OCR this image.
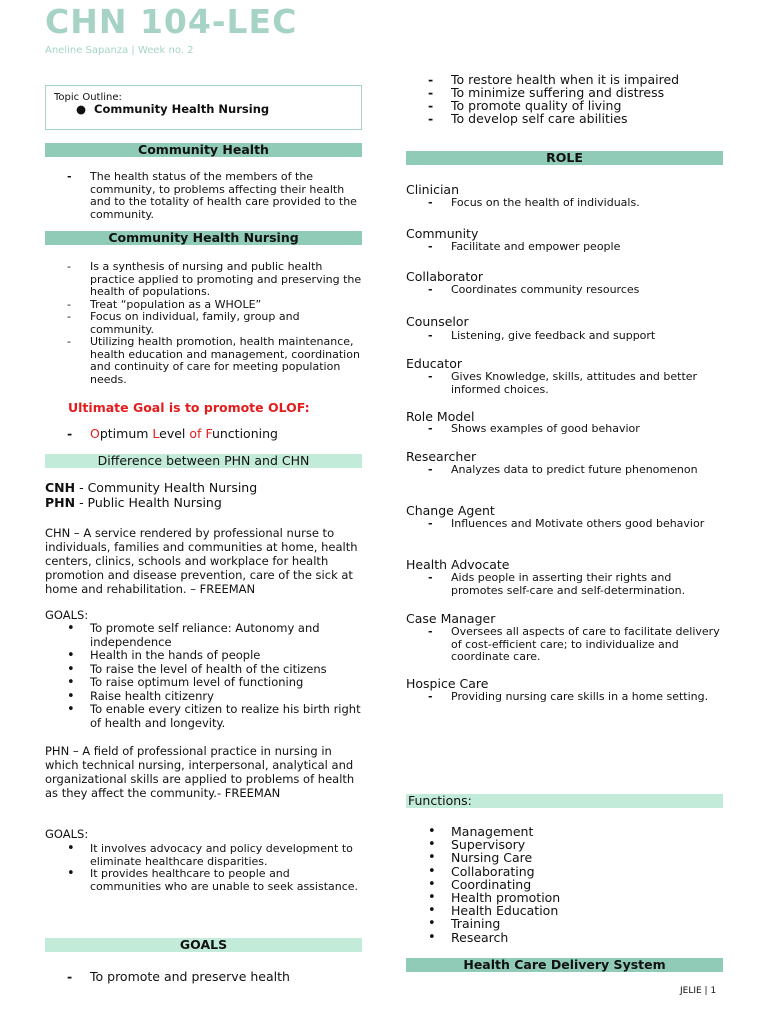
CHN 104-LEC
Aneline Sapanza | Week no. 2
Topic Outline:
● Community Health Nursing
Community Health
- The health status of the members of the community, to problems affecting their health and to the totality of health care provided to the community.
Community Health Nursing
- Is a synthesis of nursing and public health practice applied to promoting and preserving the health of populations.
- Treat “population as a WHOLE”
- Focus on individual, family, group and community.
- Utilizing health promotion, health maintenance, health education and management, coordination and continuity of care for meeting population needs.
Ultimate Goal is to promote OLOF:
- Optimum Level of Functioning
Difference between PHN and CHN
CNH - Community Health Nursing
PHN - Public Health Nursing
CHN – A service rendered by professional nurse to individuals, families and communities at home, health centers, clinics, schools and workplace for health promotion and disease prevention, care of the sick at home and rehabilitation. – FREEMAN
GOALS:
• To promote self reliance: Autonomy and independence
• Health in the hands of people
• To raise the level of health of the citizens
• To raise optimum level of functioning
• Raise health citizenry
• To enable every citizen to realize his birth right of health and longevity.
PHN – A field of professional practice in nursing in which technical nursing, interpersonal, analytical and organizational skills are applied to problems of health as they affect the community.- FREEMAN
GOALS:
• It involves advocacy and policy development to eliminate healthcare disparities.
• It provides healthcare to people and communities who are unable to seek assistance.
GOALS
- To promote and preserve health
- To restore health when it is impaired
- To minimize suffering and distress
- To promote quality of living
- To develop self care abilities
ROLE
Clinician
- Focus on the health of individuals.
Community
- Facilitate and empower people
Collaborator
- Coordinates community resources
Counselor
- Listening, give feedback and support
Educator
- Gives Knowledge, skills, attitudes and better informed choices.
Role Model
- Shows examples of good behavior
Researcher
- Analyzes data to predict future phenomenon
Change Agent
- Influences and Motivate others good behavior
Health Advocate
- Aids people in asserting their rights and promotes self-care and self-determination.
Case Manager
- Oversees all aspects of care to facilitate delivery of cost-efficient care; to individualize and coordinate care.
Hospice Care
- Providing nursing care skills in a home setting.
Functions:
• Management
• Supervisory
• Nursing Care
• Collaborating
• Coordinating
• Health promotion
• Health Education
• Training
• Research
Health Care Delivery System
JELIE | 1
